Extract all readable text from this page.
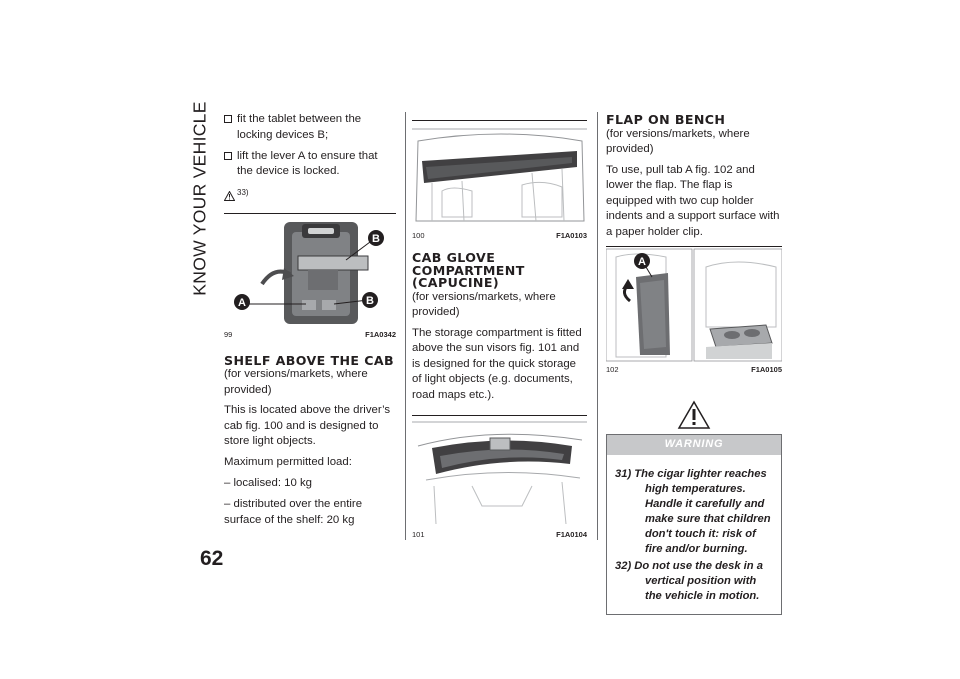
KNOW YOUR VEHICLE
62
fit the tablet between the locking devices B;
lift the lever A to ensure that the device is locked.
33)
B
A	B
99	F1A0342
SHELF ABOVE THE CAB
(for versions/markets, where provided)

This is located above the driver’s cab fig. 100 and is designed to store light objects.

Maximum permitted load:

– localised: 10 kg

– distributed over the entire surface of the shelf: 20 kg

100	F1A0103
CAB GLOVE
COMPARTMENT
(CAPUCINE)
(for versions/markets, where provided)

The storage compartment is fitted above the sun visors fig. 101 and is designed for the quick storage of light objects (e.g. documents, road maps etc.).

101	F1A0104
FLAP ON BENCH
(for versions/markets, where provided)

To use, pull tab A fig. 102 and lower the flap. The flap is equipped with two cup holder indents and a support surface with a paper holder clip.

A
102	F1A0105
WARNING
31) The cigar lighter reaches high temperatures. Handle it carefully and make sure that children don't touch it: risk of fire and/or burning.
32) Do not use the desk in a vertical position with the vehicle in motion.
